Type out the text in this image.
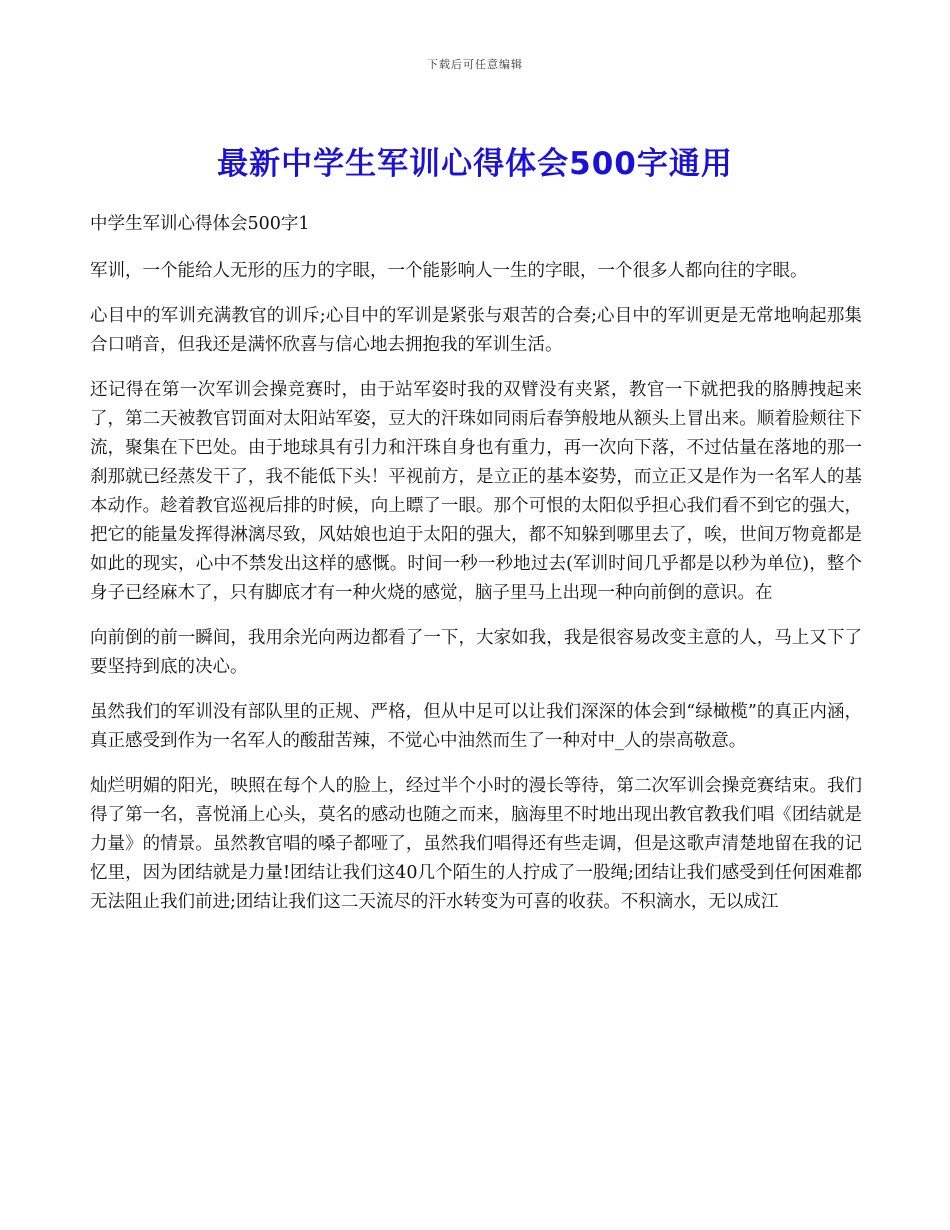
下载后可任意编辑
最新中学生军训心得体会500字通用

中学生军训心得体会500字1

军训，一个能给人无形的压力的字眼，一个能影响人一生的字眼，一个很多人都向往的字眼。

心目中的军训充满教官的训斥;心目中的军训是紧张与艰苦的合奏;心目中的军训更是无常地响起那集合口哨音，但我还是满怀欣喜与信心地去拥抱我的军训生活。

还记得在第一次军训会操竞赛时，由于站军姿时我的双臂没有夹紧，教官一下就把我的胳膊拽起来了，第二天被教官罚面对太阳站军姿，豆大的汗珠如同雨后春笋般地从额头上冒出来。顺着脸颊往下流，聚集在下巴处。由于地球具有引力和汗珠自身也有重力，再一次向下落，不过估量在落地的那一刹那就已经蒸发干了，我不能低下头！平视前方，是立正的基本姿势，而立正又是作为一名军人的基本动作。趁着教官巡视后排的时候，向上瞟了一眼。那个可恨的太阳似乎担心我们看不到它的强大，把它的能量发挥得淋漓尽致，风姑娘也迫于太阳的强大，都不知躲到哪里去了，唉，世间万物竟都是如此的现实，心中不禁发出这样的感慨。时间一秒一秒地过去(军训时间几乎都是以秒为单位)，整个身子已经麻木了，只有脚底才有一种火烧的感觉，脑子里马上出现一种向前倒的意识。在

向前倒的前一瞬间，我用余光向两边都看了一下，大家如我，我是很容易改变主意的人，马上又下了要坚持到底的决心。

虽然我们的军训没有部队里的正规、严格，但从中足可以让我们深深的体会到“绿橄榄”的真正内涵，真正感受到作为一名军人的酸甜苦辣，不觉心中油然而生了一种对中_人的崇高敬意。

灿烂明媚的阳光，映照在每个人的脸上，经过半个小时的漫长等待，第二次军训会操竞赛结束。我们得了第一名，喜悦涌上心头，莫名的感动也随之而来，脑海里不时地出现出教官教我们唱《团结就是力量》的情景。虽然教官唱的嗓子都哑了，虽然我们唱得还有些走调，但是这歌声清楚地留在我的记忆里，因为团结就是力量!团结让我们这40几个陌生的人拧成了一股绳;团结让我们感受到任何困难都无法阻止我们前进;团结让我们这二天流尽的汗水转变为可喜的收获。不积滴水，无以成江
